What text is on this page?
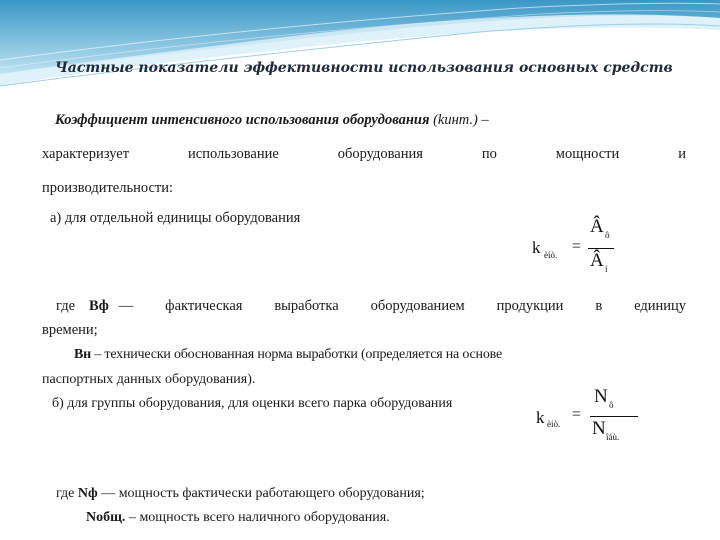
Частные показатели эффективности использования основных средств
Коэффициент интенсивного использования оборудования (kинт.) –
характеризует	использование	оборудования	по	мощности	и
производительности:
а) для отдельной единицы оборудования
k èíò. =
Â ô
Â í
где Вф — фактическая выработка оборудованием продукции в единицу
времени;
Вн – технически обоснованная норма выработки (определяется на основе
паспортных данных оборудования).
б) для группы оборудования, для оценки всего парка оборудования
k èíò.
=
N ô
N îáù.
где Nф –– мощность фактически работающего оборудования;
Nобщ. – мощность всего наличного оборудования.
